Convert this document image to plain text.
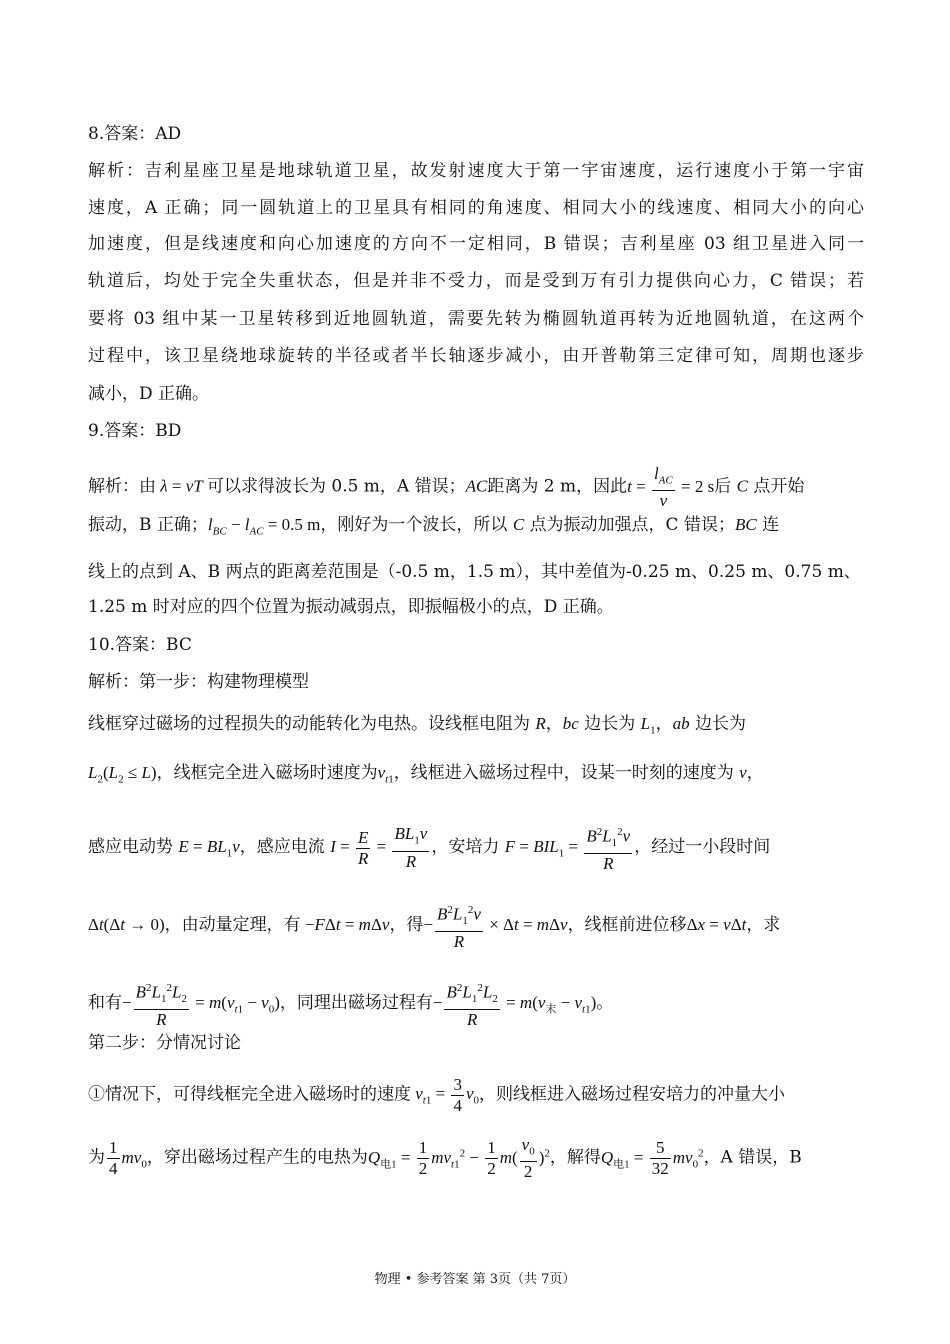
8.答案：AD
解析：吉利星座卫星是地球轨道卫星，故发射速度大于第一宇宙速度，运行速度小于第一宇宙
速度，A 正确；同一圆轨道上的卫星具有相同的角速度、相同大小的线速度、相同大小的向心
加速度，但是线速度和向心加速度的方向不一定相同，B 错误；吉利星座 03 组卫星进入同一
轨道后，均处于完全失重状态，但是并非不受力，而是受到万有引力提供向心力，C 错误；若
要将 03 组中某一卫星转移到近地圆轨道，需要先转为椭圆轨道再转为近地圆轨道，在这两个
过程中，该卫星绕地球旋转的半径或者半长轴逐步减小，由开普勒第三定律可知，周期也逐步
减小，D 正确。
9.答案：BD
解析：由 λ = vT 可以求得波长为 0.5 m，A 错误；AC距离为 2 m，因此$t = \frac{l_{AC}}{v} = 2$ s后 C 点开始
振动，B 正确；$l_{BC} - l_{AC} = 0.5$ m，刚好为一个波长，所以 C 点为振动加强点，C 错误；BC 连
线上的点到 A、B 两点的距离差范围是（-0.5 m，1.5 m），其中差值为-0.25 m、0.25 m、0.75 m、
1.25 m 时对应的四个位置为振动减弱点，即振幅极小的点，D 正确。
10.答案：BC
解析：第一步：构建物理模型
线框穿过磁场的过程损失的动能转化为电热。设线框电阻为 R，bc 边长为 $L_1$，ab 边长为
$L_2(L_2 \le L)$，线框完全进入磁场时速度为$v_{t1}$，线框进入磁场过程中，设某一时刻的速度为 v，
感应电动势 $E = BL_1v$，感应电流 $I = \frac{E}{R} = \frac{BL_1v}{R}$ ，安培力 $F = BIL_1 = \frac{B^2L_1^2v}{R}$ ，经过一小段时间
Δt(Δt → 0)，由动量定理，有 −FΔt = mΔv，得− $\frac{B^2L_1^2v}{R} \times \Delta t = m\Delta v$，线框前进位移Δx = vΔt，求
和有− $\frac{B^2L_1^2L_2}{R} = m(v_{t1} - v_0)$，同理出磁场过程有− $\frac{B^2L_1^2L_2}{R} = m(v_末 - v_{t1})$。
第二步：分情况讨论
①情况下，可得线框完全进入磁场时的速度 $v_{t1} = \frac{3}{4} v_0$，则线框进入磁场过程安培力的冲量大小
为 $\frac{1}{4} mv_0$，穿出磁场过程产生的电热为$Q_{电1} = \frac{1}{2} mv_{t1}^2 - \frac{1}{2} m( \frac{v_0}{2} )^2$，解得$Q_{电1} = \frac{5}{32} mv_0^2$，A 错误，B
物理 • 参考答案 第 3页（共 7页）
